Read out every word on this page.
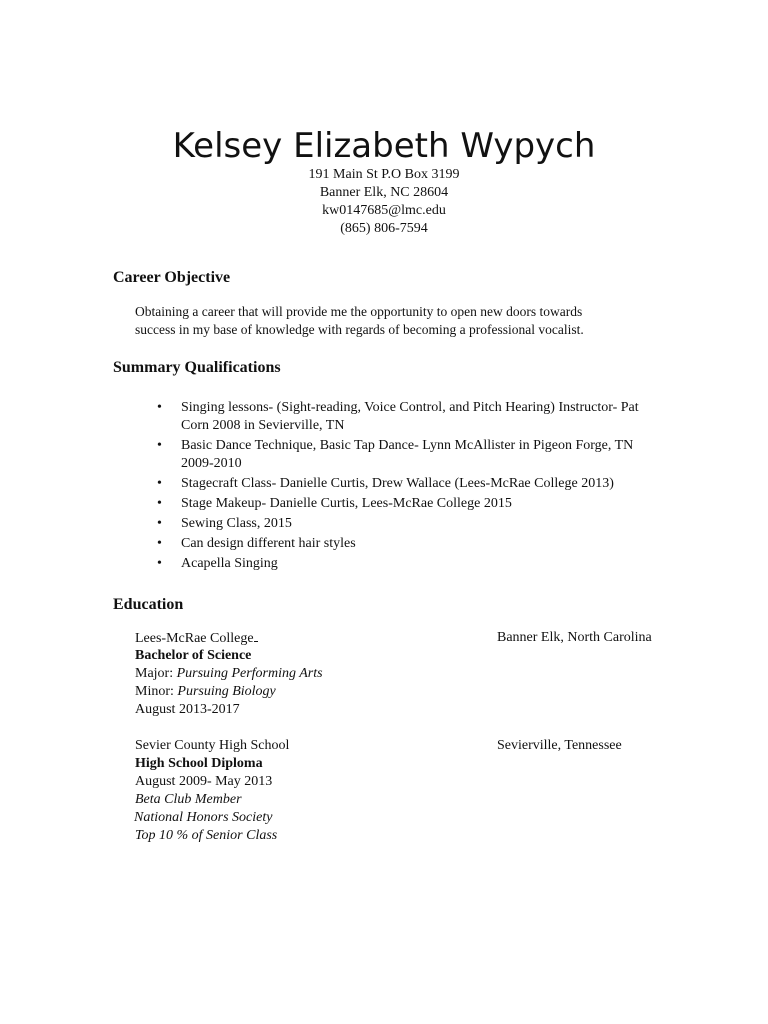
Kelsey Elizabeth Wypych
191 Main St P.O Box 3199
Banner Elk, NC 28604
kw0147685@lmc.edu
(865) 806-7594
Career Objective
Obtaining a career that will provide me the opportunity to open new doors towards
success in my base of knowledge with regards of becoming a professional vocalist.
Summary Qualifications
• Singing lessons- (Sight-reading, Voice Control, and Pitch Hearing) Instructor- Pat
Corn 2008 in Sevierville, TN
• Basic Dance Technique, Basic Tap Dance- Lynn McAllister in Pigeon Forge, TN
2009-2010
• Stagecraft Class- Danielle Curtis, Drew Wallace (Lees-McRae College 2013)
• Stage Makeup- Danielle Curtis, Lees-McRae College 2015
• Sewing Class, 2015
• Can design different hair styles
• Acapella Singing
Education
Lees-McRae College	Banner Elk, North Carolina
Bachelor of Science
Major: Pursuing Performing Arts
Minor: Pursuing Biology
August 2013-2017
Sevier County High School	Sevierville, Tennessee
High School Diploma
August 2009- May 2013
Beta Club Member
National Honors Society
Top 10 % of Senior Class
